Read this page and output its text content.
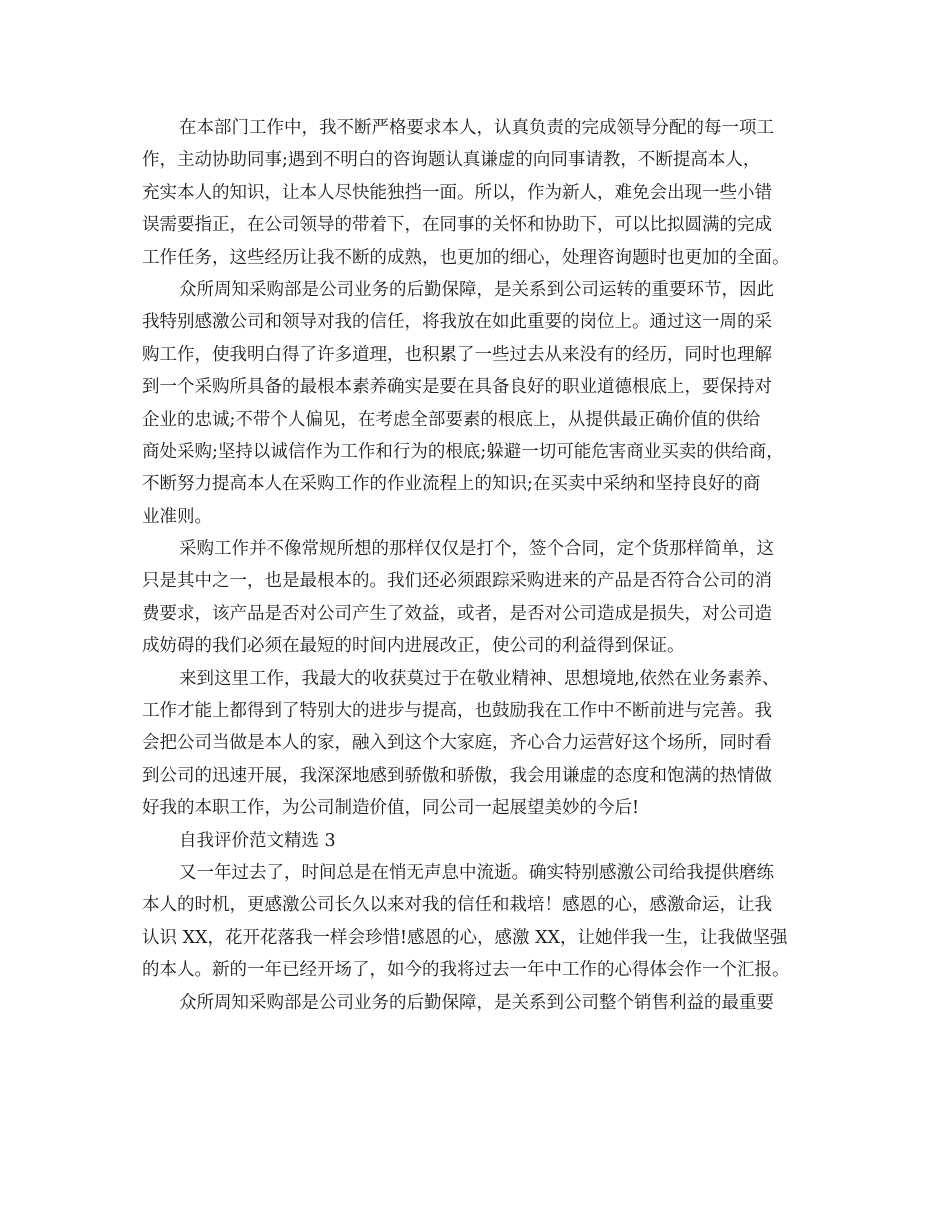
在本部门工作中，我不断严格要求本人，认真负责的完成领导分配的每一项工
作，主动协助同事;遇到不明白的咨询题认真谦虚的向同事请教，不断提高本人，
充实本人的知识，让本人尽快能独挡一面。所以，作为新人，难免会出现一些小错
误需要指正，在公司领导的带着下，在同事的关怀和协助下，可以比拟圆满的完成
工作任务，这些经历让我不断的成熟，也更加的细心，处理咨询题时也更加的全面。
众所周知采购部是公司业务的后勤保障，是关系到公司运转的重要环节，因此
我特别感激公司和领导对我的信任，将我放在如此重要的岗位上。通过这一周的采
购工作，使我明白得了许多道理，也积累了一些过去从来没有的经历，同时也理解
到一个采购所具备的最根本素养确实是要在具备良好的职业道德根底上，要保持对
企业的忠诚;不带个人偏见，在考虑全部要素的根底上，从提供最正确价值的供给
商处采购;坚持以诚信作为工作和行为的根底;躲避一切可能危害商业买卖的供给商，
不断努力提高本人在采购工作的作业流程上的知识;在买卖中采纳和坚持良好的商
业准则。
采购工作并不像常规所想的那样仅仅是打个，签个合同，定个货那样简单，这
只是其中之一，也是最根本的。我们还必须跟踪采购进来的产品是否符合公司的消
费要求，该产品是否对公司产生了效益，或者，是否对公司造成是损失，对公司造
成妨碍的我们必须在最短的时间内进展改正，使公司的利益得到保证。
来到这里工作，我最大的收获莫过于在敬业精神、思想境地,依然在业务素养、
工作才能上都得到了特别大的进步与提高，也鼓励我在工作中不断前进与完善。我
会把公司当做是本人的家，融入到这个大家庭，齐心合力运营好这个场所，同时看
到公司的迅速开展，我深深地感到骄傲和骄傲，我会用谦虚的态度和饱满的热情做
好我的本职工作，为公司制造价值，同公司一起展望美妙的今后!
自我评价范文精选 3
又一年过去了，时间总是在悄无声息中流逝。确实特别感激公司给我提供磨练
本人的时机，更感激公司长久以来对我的信任和栽培！感恩的心，感激命运，让我
认识 XX，花开花落我一样会珍惜!感恩的心，感激 XX，让她伴我一生，让我做坚强
的本人。新的一年已经开场了，如今的我将过去一年中工作的心得体会作一个汇报。
众所周知采购部是公司业务的后勤保障，是关系到公司整个销售利益的最重要
